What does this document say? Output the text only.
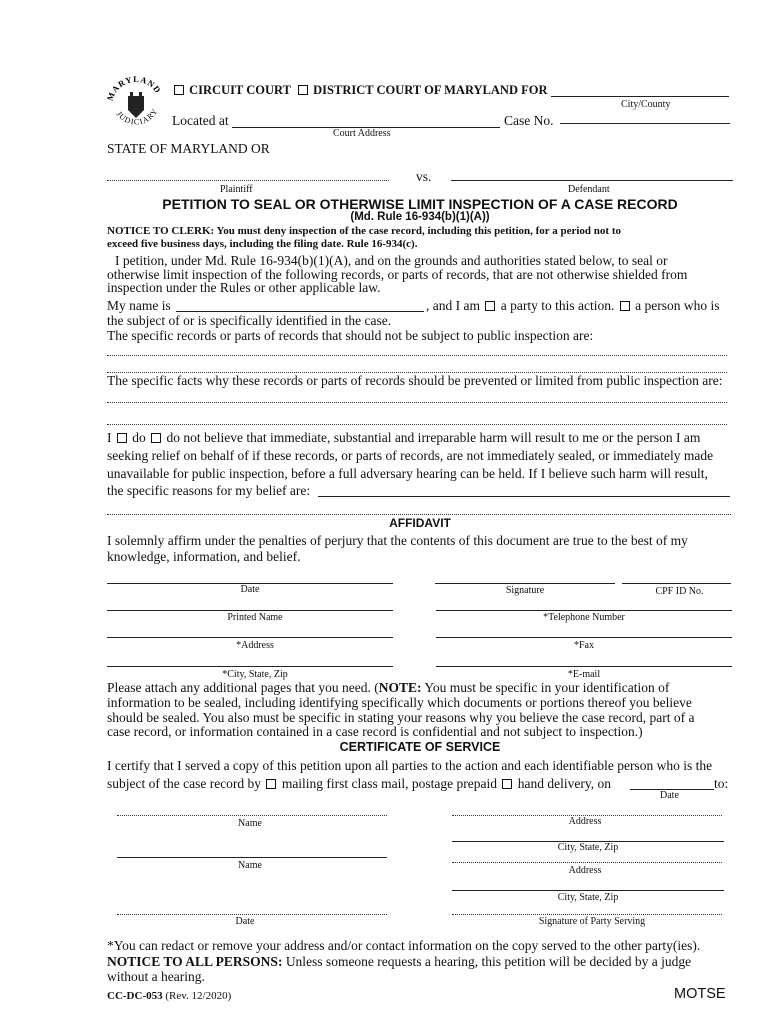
MARYLAND
JUDICIARY
CIRCUIT COURT DISTRICT COURT OF MARYLAND FOR
City/County
Located at	Case No.
Court Address
STATE OF MARYLAND OR
vs.
Plaintiff	Defendant
PETITION TO SEAL OR OTHERWISE LIMIT INSPECTION OF A CASE RECORD
(Md. Rule 16-934(b)(1)(A))
NOTICE TO CLERK: You must deny inspection of the case record, including this petition, for a period not to
exceed five business days, including the filing date. Rule 16-934(c).
I petition, under Md. Rule 16-934(b)(1)(A), and on the grounds and authorities stated below, to seal or
otherwise limit inspection of the following records, or parts of records, that are not otherwise shielded from
inspection under the Rules or other applicable law.
My name is	, and I am a party to this action. a person who is
the subject of or is specifically identified in the case.
The specific records or parts of records that should not be subject to public inspection are:
The specific facts why these records or parts of records should be prevented or limited from public inspection are:
I do do not believe that immediate, substantial and irreparable harm will result to me or the person I am
seeking relief on behalf of if these records, or parts of records, are not immediately sealed, or immediately made
unavailable for public inspection, before a full adversary hearing can be held. If I believe such harm will result,
the specific reasons for my belief are:
AFFIDAVIT
I solemnly affirm under the penalties of perjury that the contents of this document are true to the best of my
knowledge, information, and belief.
Date	Signature	CPF ID No.
Printed Name	*Telephone Number
*Address	*Fax
*City, State, Zip	*E-mail
Please attach any additional pages that you need. (NOTE: You must be specific in your identification of
information to be sealed, including identifying specifically which documents or portions thereof you believe
should be sealed. You also must be specific in stating your reasons why you believe the case record, part of a
case record, or information contained in a case record is confidential and not subject to inspection.)
CERTIFICATE OF SERVICE
I certify that I served a copy of this petition upon all parties to the action and each identifiable person who is the
subject of the case record by mailing first class mail, postage prepaid hand delivery, on	to:
Date
Name	Address
City, State, Zip
Name	Address
City, State, Zip
Date	Signature of Party Serving
*You can redact or remove your address and/or contact information on the copy served to the other party(ies).
NOTICE TO ALL PERSONS: Unless someone requests a hearing, this petition will be decided by a judge
without a hearing.
CC-DC-053 (Rev. 12/2020)	MOTSE
